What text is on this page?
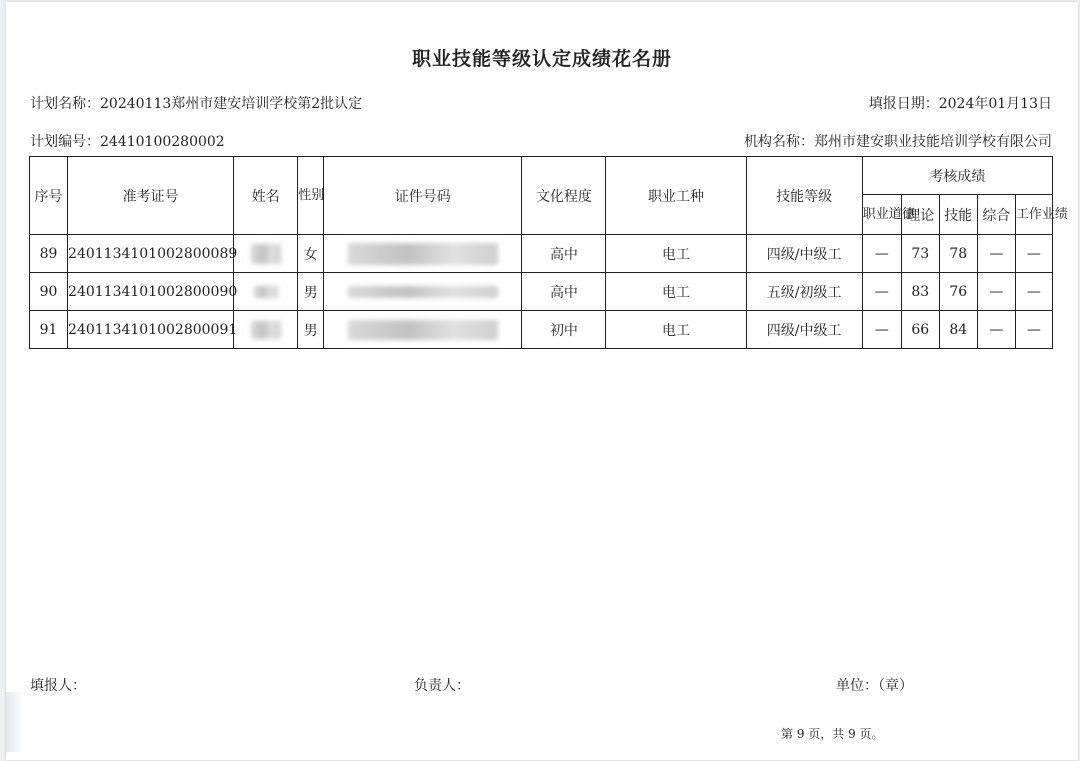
职业技能等级认定成绩花名册
计划名称：20240113郑州市建安培训学校第2批认定	填报日期：2024年01月13日
计划编号：24410100280002	机构名称：郑州市建安职业技能培训学校有限公司
序号	准考证号	姓名	性别	证件号码	文化程度	职业工种	技能等级	考核成绩				
								职业道德	理论	技能	综合	工作业绩
89	240113410100280008‍9		女		高中	电工	四级/中级工	—	73	78	—	—
90	2401134101002800090		男		高中	电工	五级/初级工	—	83	76	—	—
91	2401134101002800091		男		初中	电工	四级/中级工	—	66	84	—	—
填报人：	负责人：	单位：（章）
第 9 页，共 9 页。
